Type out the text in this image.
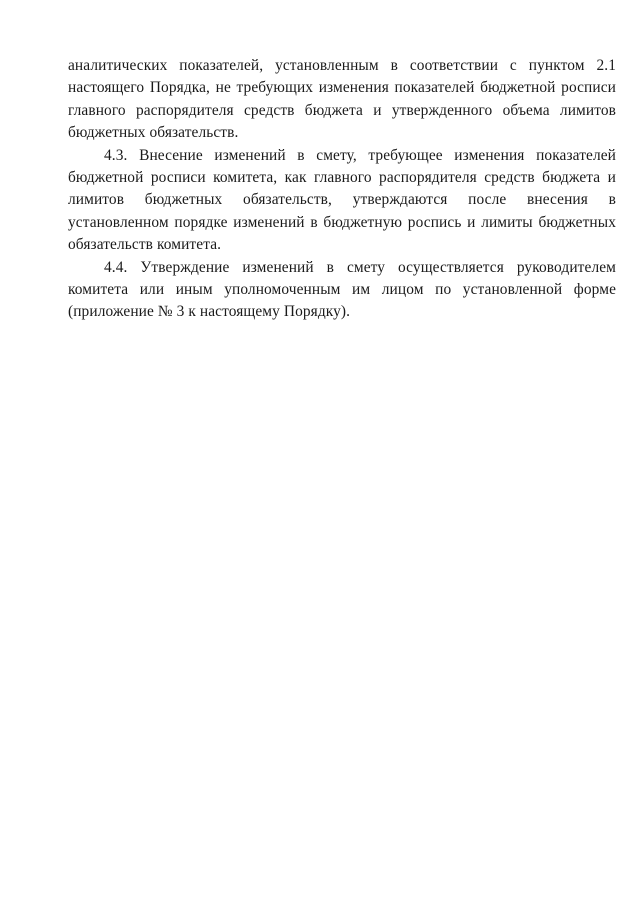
аналитических показателей, установленным в соответствии с пунктом 2.1 настоящего Порядка, не требующих изменения показателей бюджетной росписи главного распорядителя средств бюджета и утвержденного объема лимитов бюджетных обязательств.

4.3. Внесение изменений в смету, требующее изменения показателей бюджетной росписи комитета, как главного распорядителя средств бюджета и лимитов бюджетных обязательств, утверждаются после внесения в установленном порядке изменений в бюджетную роспись и лимиты бюджетных обязательств комитета.

4.4. Утверждение изменений в смету осуществляется руководителем комитета или иным уполномоченным им лицом по установленной форме (приложение № 3 к настоящему Порядку).
